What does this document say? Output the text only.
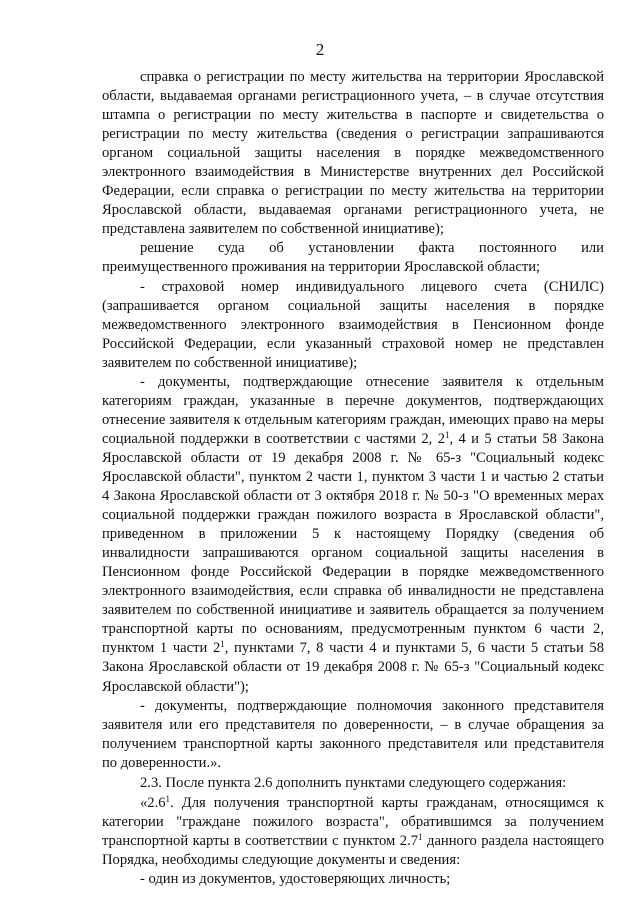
2

справка о регистрации по месту жительства на территории Ярославской области, выдаваемая органами регистрационного учета, – в случае отсутствия штампа о регистрации по месту жительства в паспорте и свидетельства о регистрации по месту жительства (сведения о регистрации запрашиваются органом социальной защиты населения в порядке межведомственного электронного взаимодействия в Министерстве внутренних дел Российской Федерации, если справка о регистрации по месту жительства на территории Ярославской области, выдаваемая органами регистрационного учета, не представлена заявителем по собственной инициативе);

решение суда об установлении факта постоянного или преимущественного проживания на территории Ярославской области;

- страховой номер индивидуального лицевого счета (СНИЛС) (запрашивается органом социальной защиты населения в порядке межведомственного электронного взаимодействия в Пенсионном фонде Российской Федерации, если указанный страховой номер не представлен заявителем по собственной инициативе);

- документы, подтверждающие отнесение заявителя к отдельным категориям граждан, указанные в перечне документов, подтверждающих отнесение заявителя к отдельным категориям граждан, имеющих право на меры социальной поддержки в соответствии с частями 2, $2^1$, 4 и 5 статьи 58 Закона Ярославской области от 19 декабря 2008 г. № 65-з "Социальный кодекс Ярославской области", пунктом 2 части 1, пунктом 3 части 1 и частью 2 статьи 4 Закона Ярославской области от 3 октября 2018 г. № 50-з "О временных мерах социальной поддержки граждан пожилого возраста в Ярославской области", приведенном в приложении 5 к настоящему Порядку (сведения об инвалидности запрашиваются органом социальной защиты населения в Пенсионном фонде Российской Федерации в порядке межведомственного электронного взаимодействия, если справка об инвалидности не представлена заявителем по собственной инициативе и заявитель обращается за получением транспортной карты по основаниям, предусмотренным пунктом 6 части 2, пунктом 1 части $2^1$, пунктами 7, 8 части 4 и пунктами 5, 6 части 5 статьи 58 Закона Ярославской области от 19 декабря 2008 г. № 65-з "Социальный кодекс Ярославской области");

- документы, подтверждающие полномочия законного представителя заявителя или его представителя по доверенности, – в случае обращения за получением транспортной карты законного представителя или представителя по доверенности.».

2.3. После пункта 2.6 дополнить пунктами следующего содержания:

«$2.6^1$. Для получения транспортной карты гражданам, относящимся к категории "граждане пожилого возраста", обратившимся за получением транспортной карты в соответствии с пунктом $2.7^1$ данного раздела настоящего Порядка, необходимы следующие документы и сведения:

- один из документов, удостоверяющих личность;
